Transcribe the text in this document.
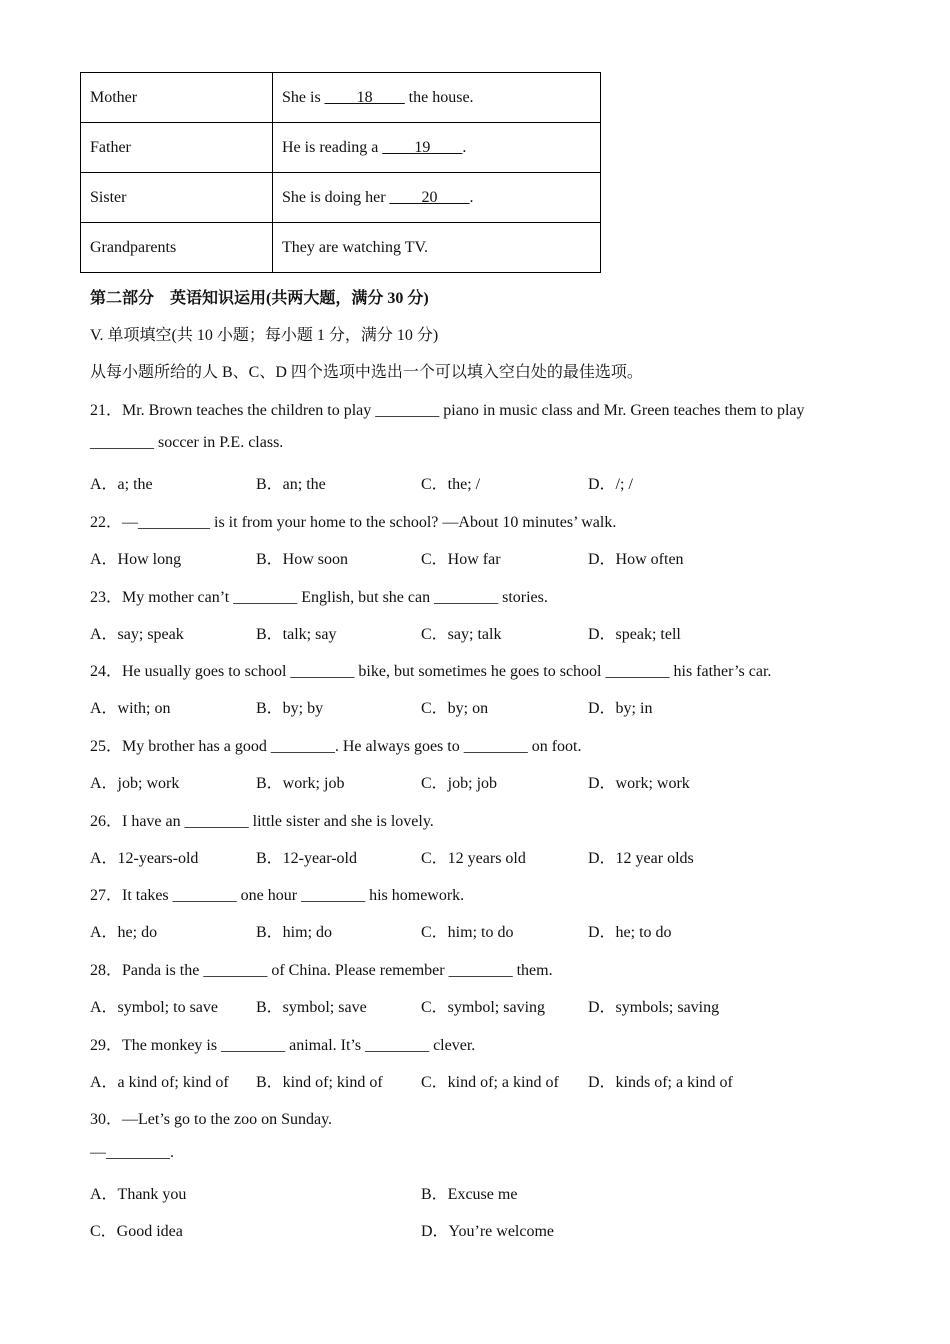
Mother	She is ____18____ the house.
Father	He is reading a ____19____.
Sister	She is doing her ____20____.
Grandparents	They are watching TV.
第二部分　英语知识运用(共两大题，满分 30 分)
V. 单项填空(共 10 小题；每小题 1 分，满分 10 分)
从每小题所给的人 B、C、D 四个选项中选出一个可以填入空白处的最佳选项。
21．Mr. Brown teaches the children to play ________ piano in music class and Mr. Green teaches them to play
________ soccer in P.E. class.
A．a; the	B．an; the	C．the; /	D．/; /
22．—_________ is it from your home to the school? —About 10 minutes’ walk.
A．How long	B．How soon	C．How far	D．How often
23．My mother can’t ________ English, but she can ________ stories.
A．say; speak	B．talk; say	C．say; talk	D．speak; tell
24．He usually goes to school ________ bike, but sometimes he goes to school ________ his father’s car.
A．with; on	B．by; by	C．by; on	D．by; in
25．My brother has a good ________. He always goes to ________ on foot.
A．job; work	B．work; job	C．job; job	D．work; work
26．I have an ________ little sister and she is lovely.
A．12-years-old	B．12-year-old	C．12 years old	D．12 year olds
27．It takes ________ one hour ________ his homework.
A．he; do	B．him; do	C．him; to do	D．he; to do
28．Panda is the ________ of China. Please remember ________ them.
A．symbol; to save B．symbol; save	C．symbol; saving	D．symbols; saving
29．The monkey is ________ animal. It’s ________ clever.
A．a kind of; kind of B．kind of; kind of C．kind of; a kind of D．kinds of; a kind of
30．—Let’s go to the zoo on Sunday.
—________.
A．Thank you	B．Excuse me
C．Good idea	D．You’re welcome
